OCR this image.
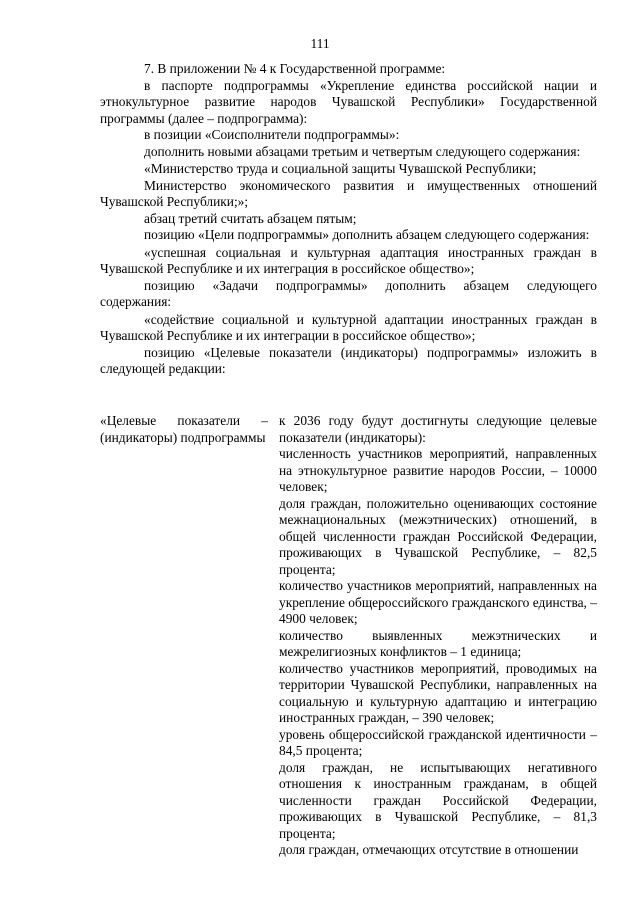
111

7. В приложении № 4 к Государственной программе:

в паспорте подпрограммы «Укрепление единства российской нации и этнокультурное развитие народов Чувашской Республики» Государственной программы (далее – подпрограмма):

в позиции «Соисполнители подпрограммы»:

дополнить новыми абзацами третьим и четвертым следующего содержания:

«Министерство труда и социальной защиты Чувашской Республики;

Министерство экономического развития и имущественных отношений Чувашской Республики;»;

абзац третий считать абзацем пятым;

позицию «Цели подпрограммы» дополнить абзацем следующего содержания:

«успешная социальная и культурная адаптация иностранных граждан в Чувашской Республике и их интеграция в российское общество»;

позицию «Задачи подпрограммы» дополнить абзацем следующего содержания:

«содействие социальной и культурной адаптации иностранных граждан в Чувашской Республике и их интеграции в российское общество»;

позицию «Целевые показатели (индикаторы) подпрограммы» изложить в следующей редакции:

«Целевые показатели – (индикаторы) подпрограммы

к 2036 году будут достигнуты следующие целевые показатели (индикаторы):

численность участников мероприятий, направленных на этнокультурное развитие народов России, – 10000 человек;

доля граждан, положительно оценивающих состояние межнациональных (межэтнических) отношений, в общей численности граждан Российской Федерации, проживающих в Чувашской Республике, – 82,5 процента;

количество участников мероприятий, направленных на укрепление общероссийского гражданского единства, – 4900 человек;

количество выявленных межэтнических и межрелигиозных конфликтов – 1 единица;

количество участников мероприятий, проводимых на территории Чувашской Республики, направленных на социальную и культурную адаптацию и интеграцию иностранных граждан, – 390 человек;

уровень общероссийской гражданской идентичности – 84,5 процента;

доля граждан, не испытывающих негативного отношения к иностранным гражданам, в общей численности граждан Российской Федерации, проживающих в Чувашской Республике, – 81,3 процента;

доля граждан, отмечающих отсутствие в отношении
